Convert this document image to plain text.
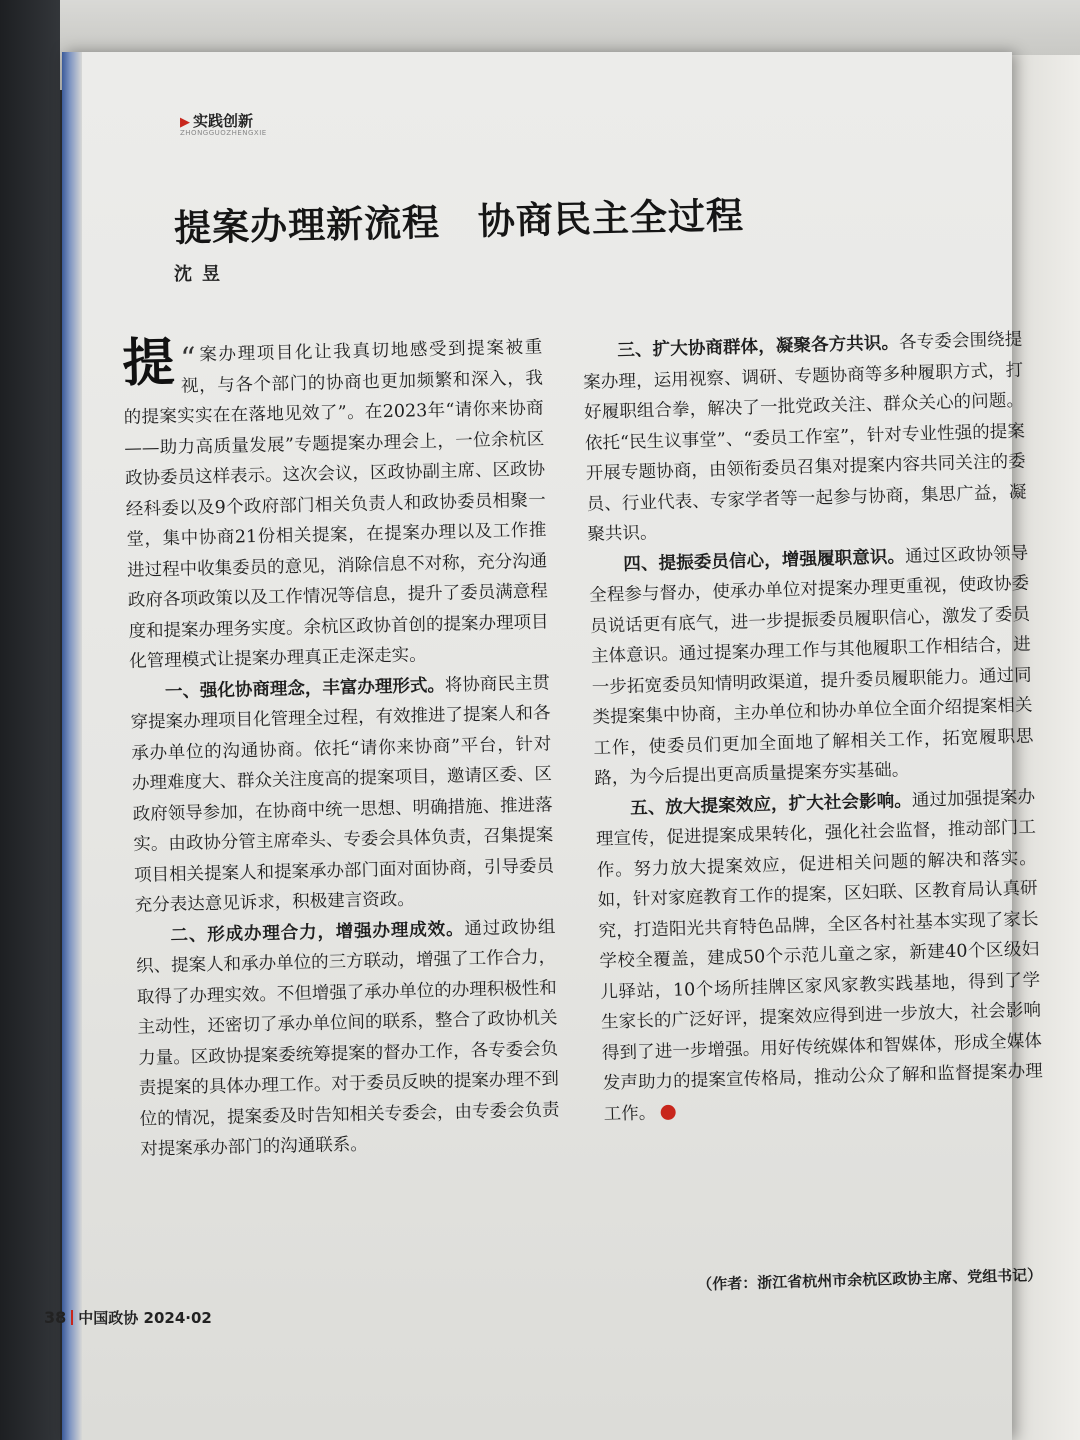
▶ 实践创新
ZHONGGUOZHENGXIE
提案办理新流程　协商民主全过程
沈昱

“
提 案办理项目化让我真切地感受到提案被重视，与各个部门的协商也更加频繁和深入，我的提案实实在在落地见效了”。在2023年“请你来协商——助力高质量发展”专题提案办理会上，一位余杭区政协委员这样表示。这次会议，区政协副主席、区政协经科委以及9个政府部门相关负责人和政协委员相聚一堂，集中协商21份相关提案，在提案办理以及工作推进过程中收集委员的意见，消除信息不对称，充分沟通政府各项政策以及工作情况等信息，提升了委员满意程度和提案办理务实度。余杭区政协首创的提案办理项目化管理模式让提案办理真正走深走实。

一、强化协商理念，丰富办理形式。将协商民主贯穿提案办理项目化管理全过程，有效推进了提案人和各承办单位的沟通协商。依托“请你来协商”平台，针对办理难度大、群众关注度高的提案项目，邀请区委、区政府领导参加，在协商中统一思想、明确措施、推进落实。由政协分管主席牵头、专委会具体负责，召集提案项目相关提案人和提案承办部门面对面协商，引导委员充分表达意见诉求，积极建言资政。

二、形成办理合力，增强办理成效。通过政协组织、提案人和承办单位的三方联动，增强了工作合力，取得了办理实效。不但增强了承办单位的办理积极性和主动性，还密切了承办单位间的联系，整合了政协机关力量。区政协提案委统筹提案的督办工作，各专委会负责提案的具体办理工作。对于委员反映的提案办理不到位的情况，提案委及时告知相关专委会，由专委会负责对提案承办部门的沟通联系。

三、扩大协商群体，凝聚各方共识。各专委会围绕提案办理，运用视察、调研、专题协商等多种履职方式，打好履职组合拳，解决了一批党政关注、群众关心的问题。依托“民生议事堂”、“委员工作室”，针对专业性强的提案开展专题协商，由领衔委员召集对提案内容共同关注的委员、行业代表、专家学者等一起参与协商，集思广益，凝聚共识。

四、提振委员信心，增强履职意识。通过区政协领导全程参与督办，使承办单位对提案办理更重视，使政协委员说话更有底气，进一步提振委员履职信心，激发了委员主体意识。通过提案办理工作与其他履职工作相结合，进一步拓宽委员知情明政渠道，提升委员履职能力。通过同类提案集中协商，主办单位和协办单位全面介绍提案相关工作，使委员们更加全面地了解相关工作，拓宽履职思路，为今后提出更高质量提案夯实基础。

五、放大提案效应，扩大社会影响。通过加强提案办理宣传，促进提案成果转化，强化社会监督，推动部门工作。努力放大提案效应，促进相关问题的解决和落实。如，针对家庭教育工作的提案，区妇联、区教育局认真研究，打造阳光共育特色品牌，全区各村社基本实现了家长学校全覆盖，建成50个示范儿童之家，新建40个区级妇儿驿站，10个场所挂牌区家风家教实践基地，得到了学生家长的广泛好评，提案效应得到进一步放大，社会影响得到了进一步增强。用好传统媒体和智媒体，形成全媒体发声助力的提案宣传格局，推动公众了解和监督提案办理工作。

（作者：浙江省杭州市余杭区政协主席、党组书记）
38 中国政协 2024·02
